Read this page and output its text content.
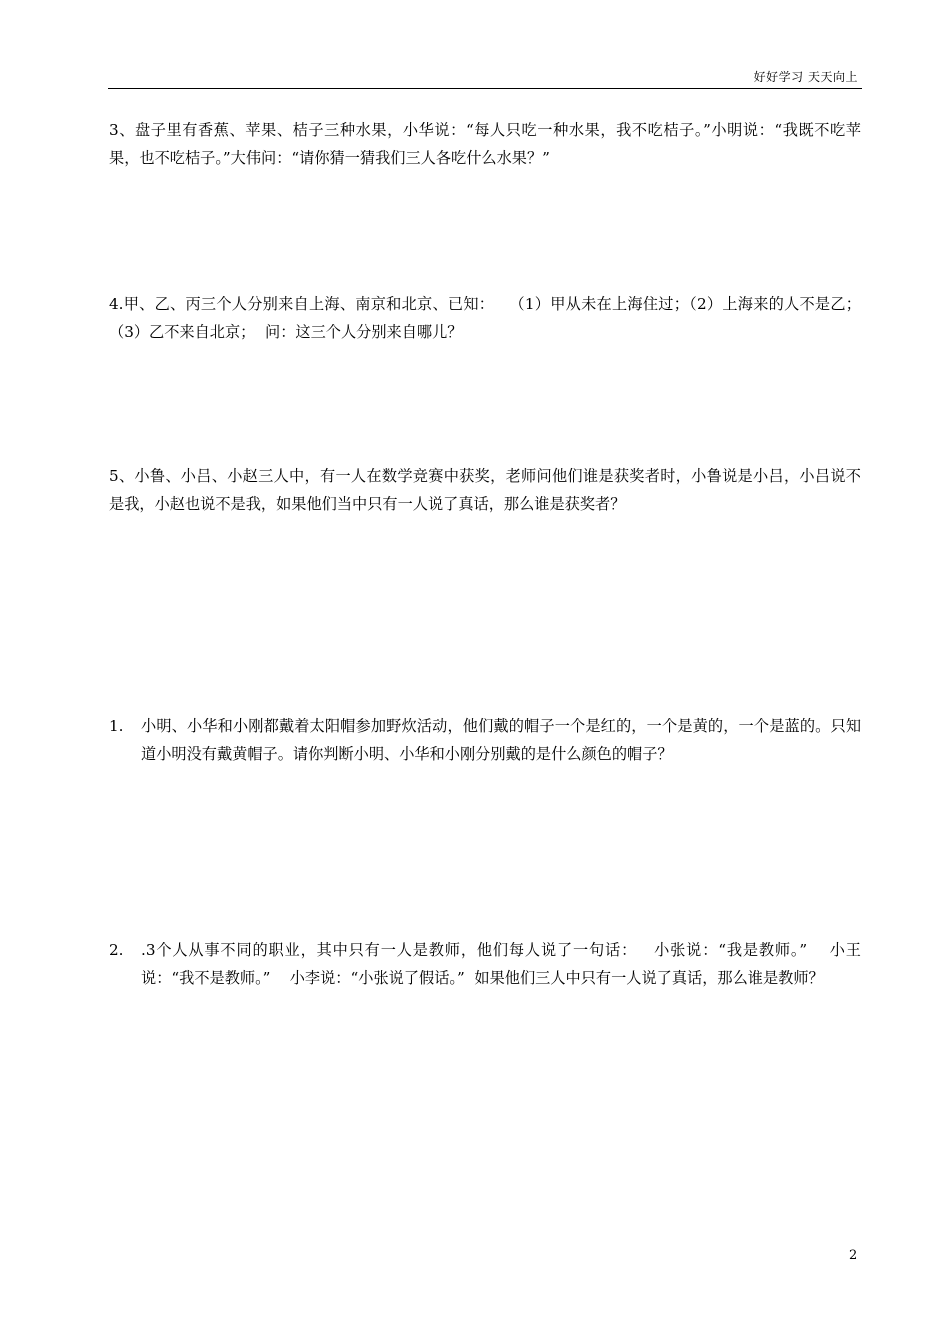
好好学习 天天向上

3、盘子里有香蕉、苹果、桔子三种水果，小华说：“每人只吃一种水果，我不吃桔子。”小明说：“我既不吃苹果，也不吃桔子。”大伟问：“请你猜一猜我们三人各吃什么水果？”

4.甲、乙、丙三个人分别来自上海、南京和北京、已知：   （1）甲从未在上海住过；（2）上海来的人不是乙；    （3）乙不来自北京；  问：这三个人分别来自哪儿？

5、小鲁、小吕、小赵三人中，有一人在数学竞赛中获奖，老师问他们谁是获奖者时，小鲁说是小吕，小吕说不是我，小赵也说不是我，如果他们当中只有一人说了真话，那么谁是获奖者？

1. 小明、小华和小刚都戴着太阳帽参加野炊活动，他们戴的帽子一个是红的，一个是黄的，一个是蓝的。只知道小明没有戴黄帽子。请你判断小明、小华和小刚分别戴的是什么颜色的帽子？
2. .3个人从事不同的职业，其中只有一人是教师，他们每人说了一句话：   小张说：“我是教师。”    小王说：“我不是教师。”    小李说：“小张说了假话。”  如果他们三人中只有一人说了真话，那么谁是教师？
2
